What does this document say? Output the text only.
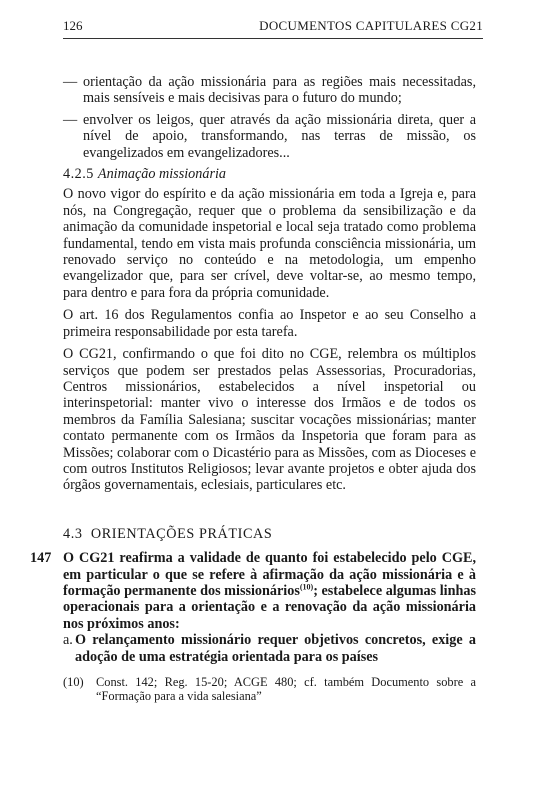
126	DOCUMENTOS CAPITULARES CG21

— orientação da ação missionária para as regiões mais necessitadas, mais sensíveis e mais decisivas para o futuro do mundo;

— envolver os leigos, quer através da ação missionária direta, quer a nível de apoio, transformando, nas terras de missão, os evangelizados em evangelizadores...

4.2.5 Animação missionária

O novo vigor do espírito e da ação missionária em toda a Igreja e, para nós, na Congregação, requer que o problema da sensibilização e da animação da comunidade inspetorial e local seja tratado como problema fundamental, tendo em vista mais profunda consciência missionária, um renovado serviço no conteúdo e na metodologia, um empenho evangelizador que, para ser crível, deve voltar-se, ao mesmo tempo, para dentro e para fora da própria comunidade.

O art. 16 dos Regulamentos confia ao Inspetor e ao seu Conselho a primeira responsabilidade por esta tarefa.

O CG21, confirmando o que foi dito no CGE, relembra os múltiplos serviços que podem ser prestados pelas Assessorias, Procuradorias, Centros missionários, estabelecidos a nível inspetorial ou interinspetorial: manter vivo o interesse dos Irmãos e de todos os membros da Família Salesiana; suscitar vocações missionárias; manter contato permanente com os Irmãos da Inspetoria que foram para as Missões; colaborar com o Dicastério para as Missões, com as Dioceses e com outros Institutos Religiosos; levar avante projetos e obter ajuda dos órgãos governamentais, eclesiais, particulares etc.

4.3 ORIENTAÇÕES PRÁTICAS

147 O CG21 reafirma a validade de quanto foi estabelecido pelo CGE, em particular o que se refere à afirmação da ação missionária e à formação permanente dos missionários$^{(10)}$; estabelece algumas linhas operacionais para a orientação e a renovação da ação missionária nos próximos anos:

a. O relançamento missionário requer objetivos concretos, exige a adoção de uma estratégia orientada para os países

(10) Const. 142; Reg. 15-20; ACGE 480; cf. também Documento sobre a “Formação para a vida salesiana”
